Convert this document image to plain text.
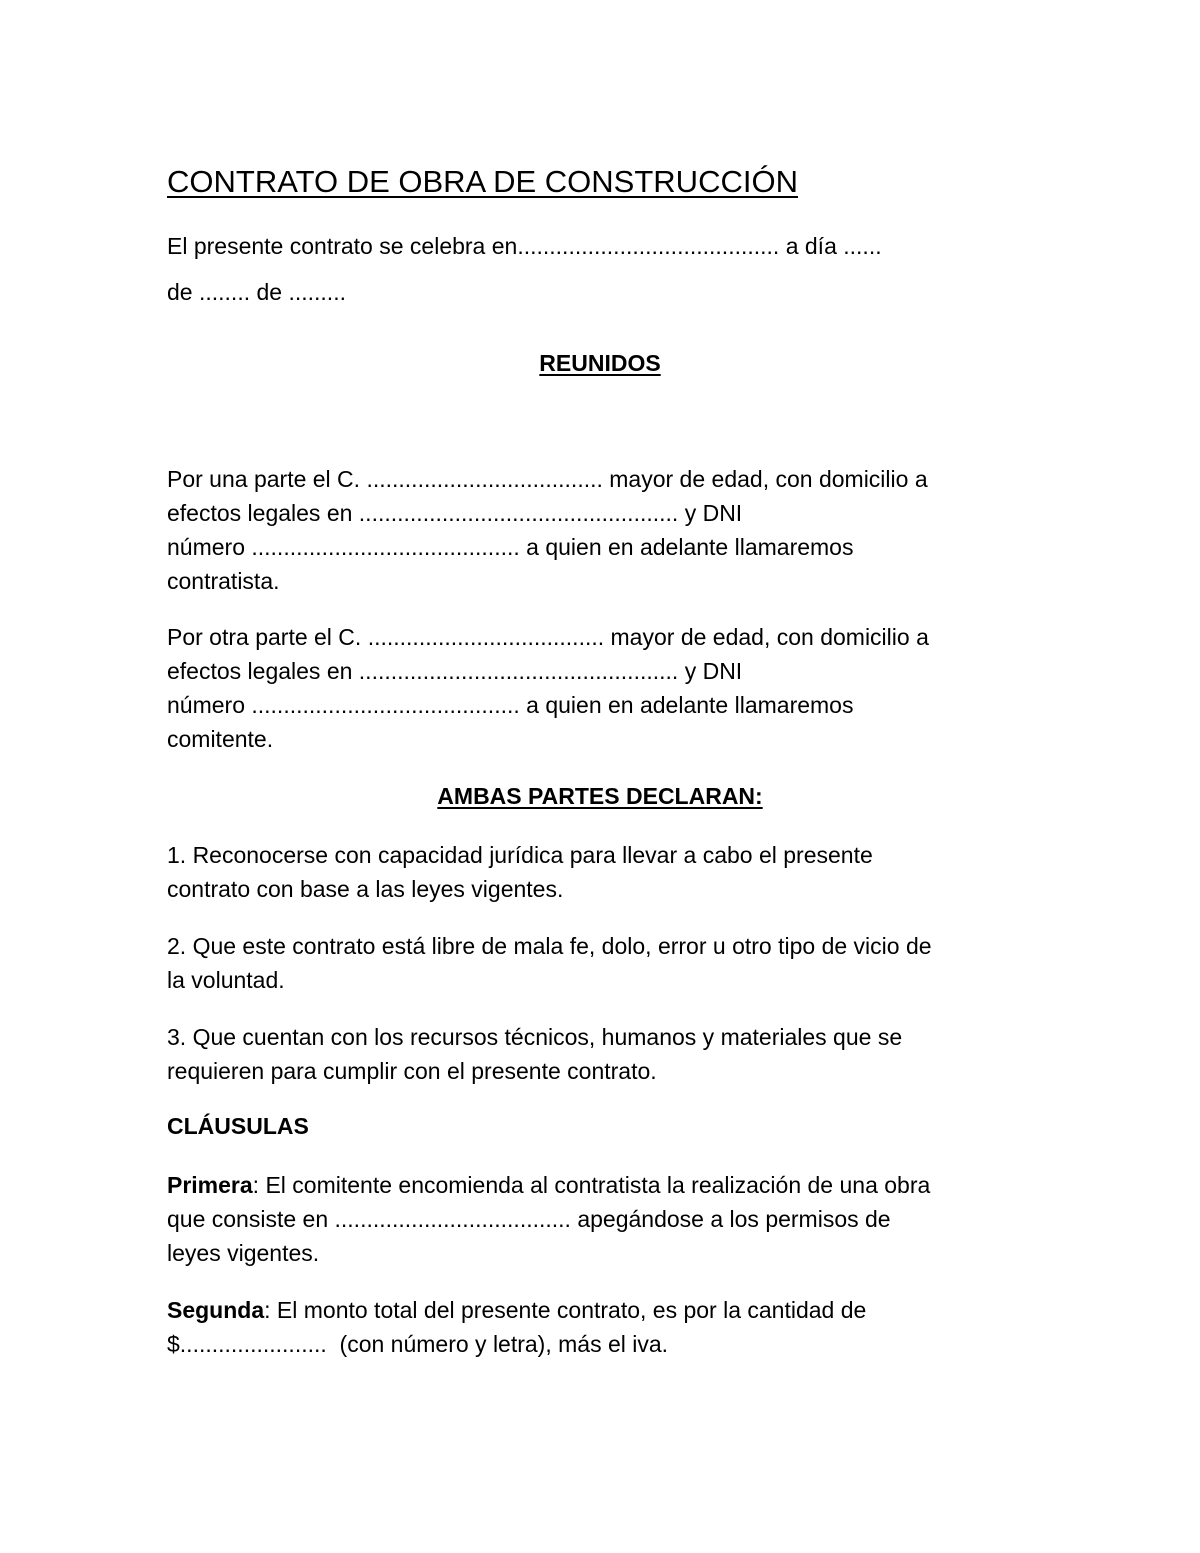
CONTRATO DE OBRA DE CONSTRUCCIÓN
El presente contrato se celebra en......................................... a día ......
de ........ de .........
REUNIDOS
Por una parte el C. ..................................... mayor de edad, con domicilio a
efectos legales en .................................................. y DNI
número .......................................... a quien en adelante llamaremos
contratista.
Por otra parte el C. ..................................... mayor de edad, con domicilio a
efectos legales en .................................................. y DNI
número .......................................... a quien en adelante llamaremos
comitente.
AMBAS PARTES DECLARAN:
1. Reconocerse con capacidad jurídica para llevar a cabo el presente
contrato con base a las leyes vigentes.
2. Que este contrato está libre de mala fe, dolo, error u otro tipo de vicio de
la voluntad.
3. Que cuentan con los recursos técnicos, humanos y materiales que se
requieren para cumplir con el presente contrato.
CLÁUSULAS
Primera: El comitente encomienda al contratista la realización de una obra
que consiste en ..................................... apegándose a los permisos de
leyes vigentes.
Segunda: El monto total del presente contrato, es por la cantidad de
$.......................  (con número y letra), más el iva.
